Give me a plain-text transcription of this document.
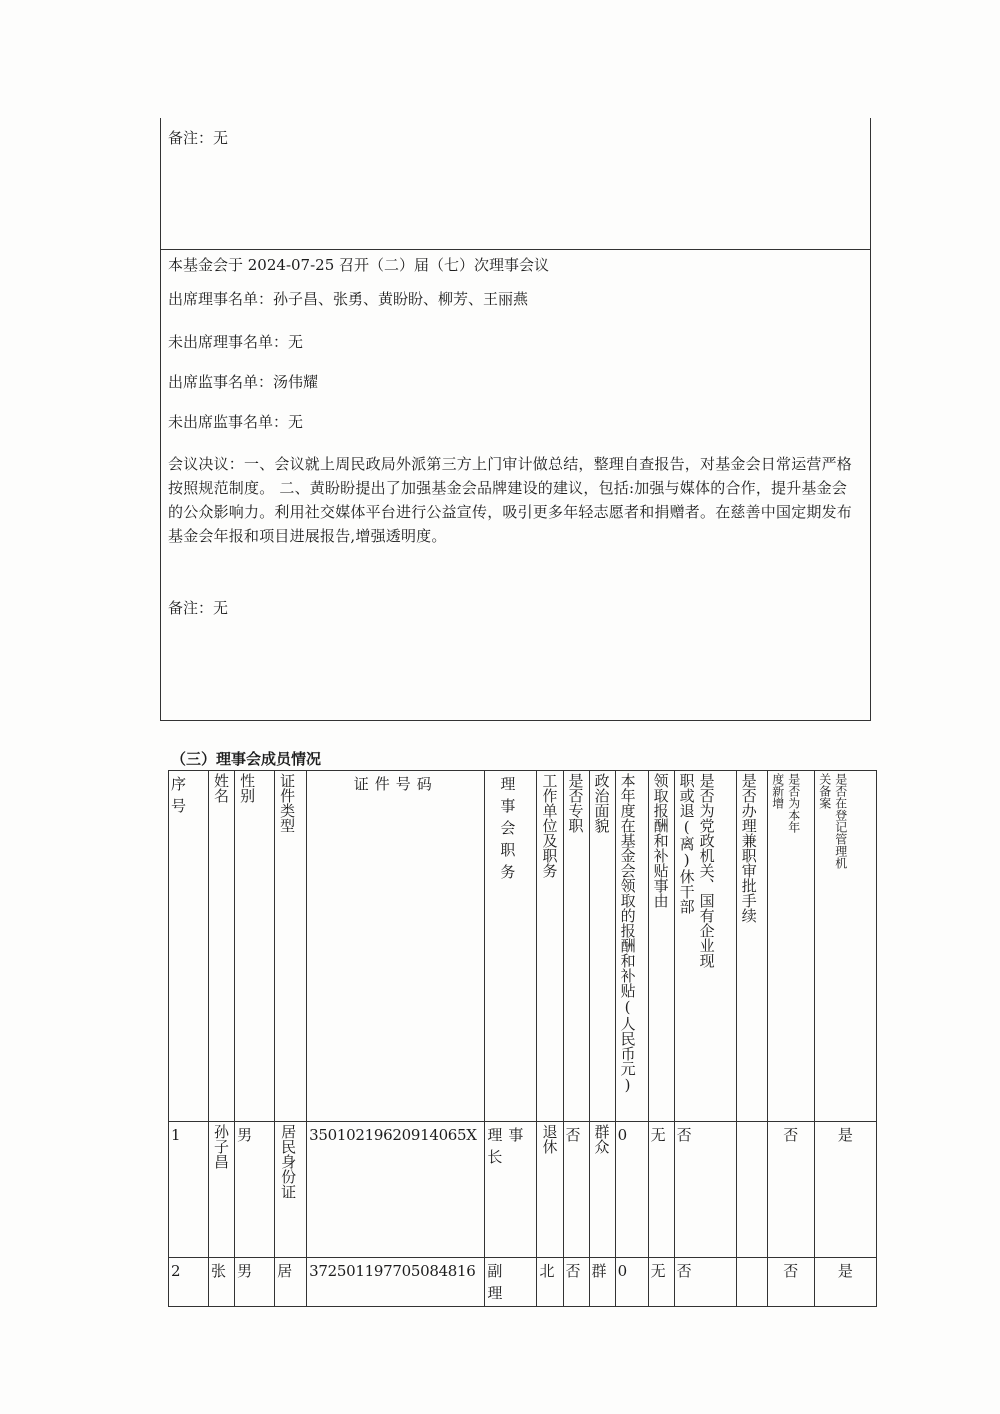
备注：无
本基金会于 2024-07-25 召开（二）届（七）次理事会议
出席理事名单：孙子昌、张勇、黄盼盼、柳芳、王丽燕
未出席理事名单：无
出席监事名单：汤伟耀
未出席监事名单：无
会议决议：一、会议就上周民政局外派第三方上门审计做总结，整理自查报告，对基金会日常运营严格按照规范制度。 二、黄盼盼提出了加强基金会品牌建设的建议，包括:加强与媒体的合作，提升基金会的公众影响力。利用社交媒体平台进行公益宣传，吸引更多年轻志愿者和捐赠者。在慈善中国定期发布基金会年报和项目进展报告,增强透明度。
备注：无
（三）理事会成员情况
序号	姓名	性别	证件类型	证件号码	理事会职务	工作单位及职务	是否专职	政治面貌	本年度在基金会领取的报酬和补贴(人民币元)	领取报酬和补贴事由	是否为党政机关、国有企业现职或退(离)休干部	是否办理兼职审批手续	是否为本年度新增	是否在登记管理机关备案

1	孙子昌	男	居民身份证	35010219620914065X	理事长	退休	否	群众	0	无	否		否	是
2	张	男	居	372501197705084816	副 理	北	否	群	0	无	否		否	是
